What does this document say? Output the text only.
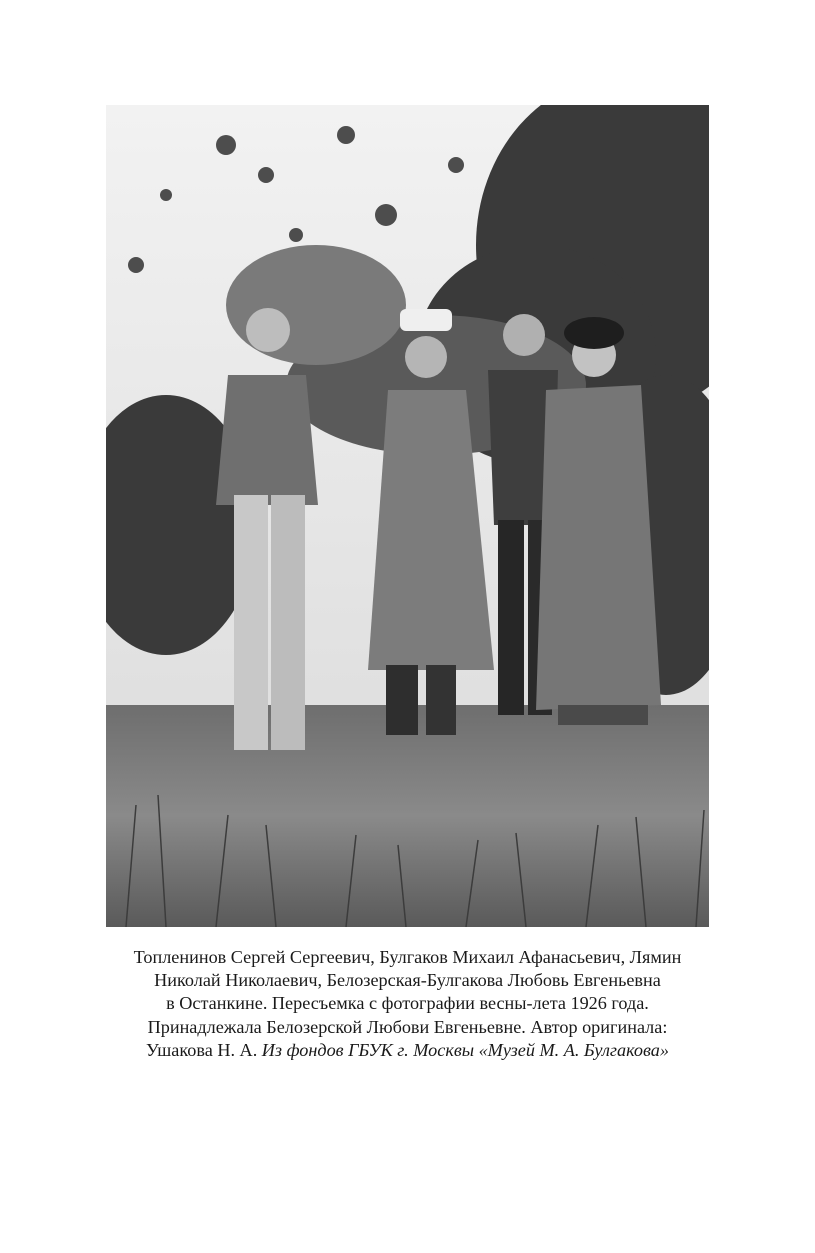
Топленинов Сергей Сергеевич, Булгаков Михаил Афанасьевич, Лямин
Николай Николаевич, Белозерская-Булгакова Любовь Евгеньевна
в Останкине. Пересъемка с фотографии весны-лета 1926 года.
Принадлежала Белозерской Любови Евгеньевне. Автор оригинала:
Ушакова Н. А. Из фондов ГБУК г. Москвы «Музей М. А. Булгакова»
